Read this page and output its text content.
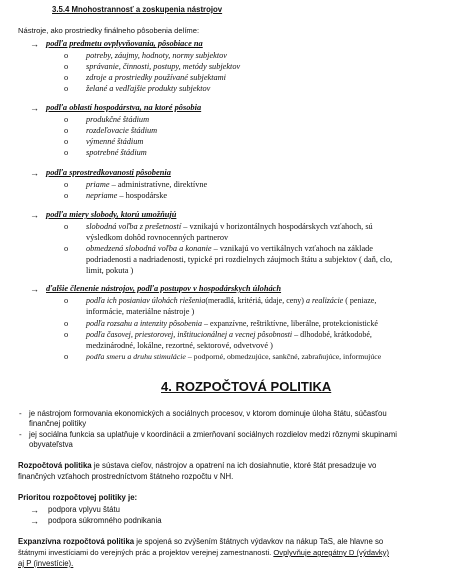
3.5.4 Mnohostrannosť a zoskupenia nástrojov
Nástroje, ako prostriedky finálneho pôsobenia delíme:
→ podľa predmetu ovplyvňovania, pôsobiace na
o potreby, záujmy, hodnoty, normy subjektov
o správanie, činnosti, postupy, metódy subjektov
o zdroje a prostriedky používané subjektami
o želané a vedľajšie produkty subjektov
→ podľa oblastí hospodárstva, na ktoré pôsobia
o produkčné štádium
o rozdeľovacie štádium
o výmenné štádium
o spotrebné štádium
→ podľa sprostredkovanosti pôsobenia
o priame – administratívne, direktívne
o nepriame – hospodárske
→ podľa miery slobody, ktorú umožňujú
o slobodná voľba z prešetností – vznikajú v horizontálnych hospodárskych vzťahoch, sú
výsledkom dohôd rovnocenných partnerov
o obmedzená slobodná voľba a konanie – vznikajú vo vertikálnych vzťahoch na základe
podriadenosti a nadriadenosti, typické pri rozdielnych záujmoch štátu a subjektov ( daň, clo,
limit, pokuta )
→ ďalšie členenie nástrojov, podľa postupov v hospodárskych úlohách
o podľa ich posianiav úlohách riešenia(meradlá, kritériá, údaje, ceny) a realizácie ( peniaze,
informácie, materiálne nástroje )
o podľa rozsahu a intenzity pôsobenia – expanzívne, reštriktívne, liberálne, protekcionistické
o podľa časovej, priestorovej, inštitucionálnej a vecnej pôsobnosti – dlhodobé, krátkodobé,
medzinárodné, lokálne, rezortné, sektorové, odvetvové )
o podľa smeru a druhu stimulácie – podporné, obmedzujúce, sankčné, zabraňujúce, informujúce
4. ROZPOČTOVÁ POLITIKA
- je nástrojom formovania ekonomických a sociálnych procesov, v ktorom dominuje úloha štátu, súčasťou
finančnej politiky
- jej sociálna funkcia sa uplatňuje v koordinácii a zmierňovaní sociálnych rozdielov medzi rôznymi skupinami
obyvateľstva
Rozpočtová politika je sústava cieľov, nástrojov a opatrení na ich dosiahnutie, ktoré štát presadzuje vo
finančných vzťahoch prostredníctvom štátneho rozpočtu v NH.
Prioritou rozpočtovej politiky je:
→ podpora vplyvu štátu
→ podpora súkromného podnikania
Expanzívna rozpočtová politika je spojená so zvýšením štátnych výdavkov na nákup TaS, ale hlavne so
štátnymi investíciami do verejných prác a projektov verejnej zamestnanosti. Ovplyvňuje agregátny D (výdavky)
aj P (investície).
